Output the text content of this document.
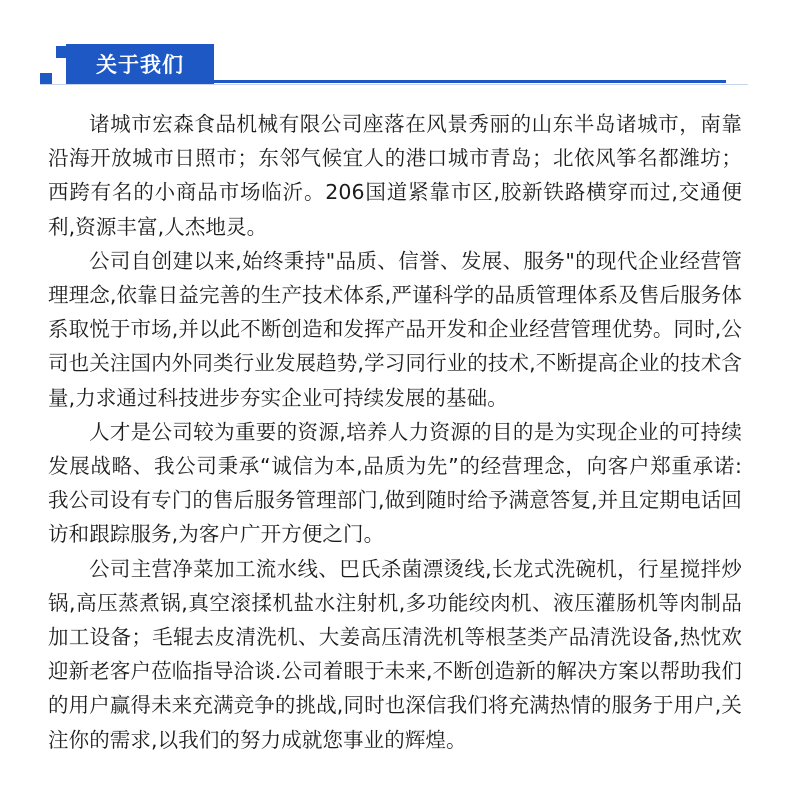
关于我们

诸城市宏森食品机械有限公司座落在风景秀丽的山东半岛诸城市，南靠沿海开放城市日照市；东邻气候宜人的港口城市青岛；北依风筝名都潍坊；西跨有名的小商品市场临沂。206国道紧靠市区,胶新铁路横穿而过,交通便利,资源丰富,人杰地灵。

公司自创建以来,始终秉持"品质、信誉、发展、服务"的现代企业经营管理理念,依靠日益完善的生产技术体系,严谨科学的品质管理体系及售后服务体系取悦于市场,并以此不断创造和发挥产品开发和企业经营管理优势。同时,公司也关注国内外同类行业发展趋势,学习同行业的技术,不断提高企业的技术含量,力求通过科技进步夯实企业可持续发展的基础。

人才是公司较为重要的资源,培养人力资源的目的是为实现企业的可持续发展战略、我公司秉承“诚信为本,品质为先”的经营理念，向客户郑重承诺:我公司设有专门的售后服务管理部门,做到随时给予满意答复,并且定期电话回访和跟踪服务,为客户广开方便之门。

公司主营净菜加工流水线、巴氏杀菌漂烫线,长龙式洗碗机，行星搅拌炒锅,高压蒸煮锅,真空滚揉机盐水注射机,多功能绞肉机、液压灌肠机等肉制品加工设备；毛辊去皮清洗机、大姜高压清洗机等根茎类产品清洗设备,热忱欢迎新老客户莅临指导洽谈.公司着眼于未来,不断创造新的解决方案以帮助我们的用户赢得未来充满竞争的挑战,同时也深信我们将充满热情的服务于用户,关注你的需求,以我们的努力成就您事业的辉煌。
